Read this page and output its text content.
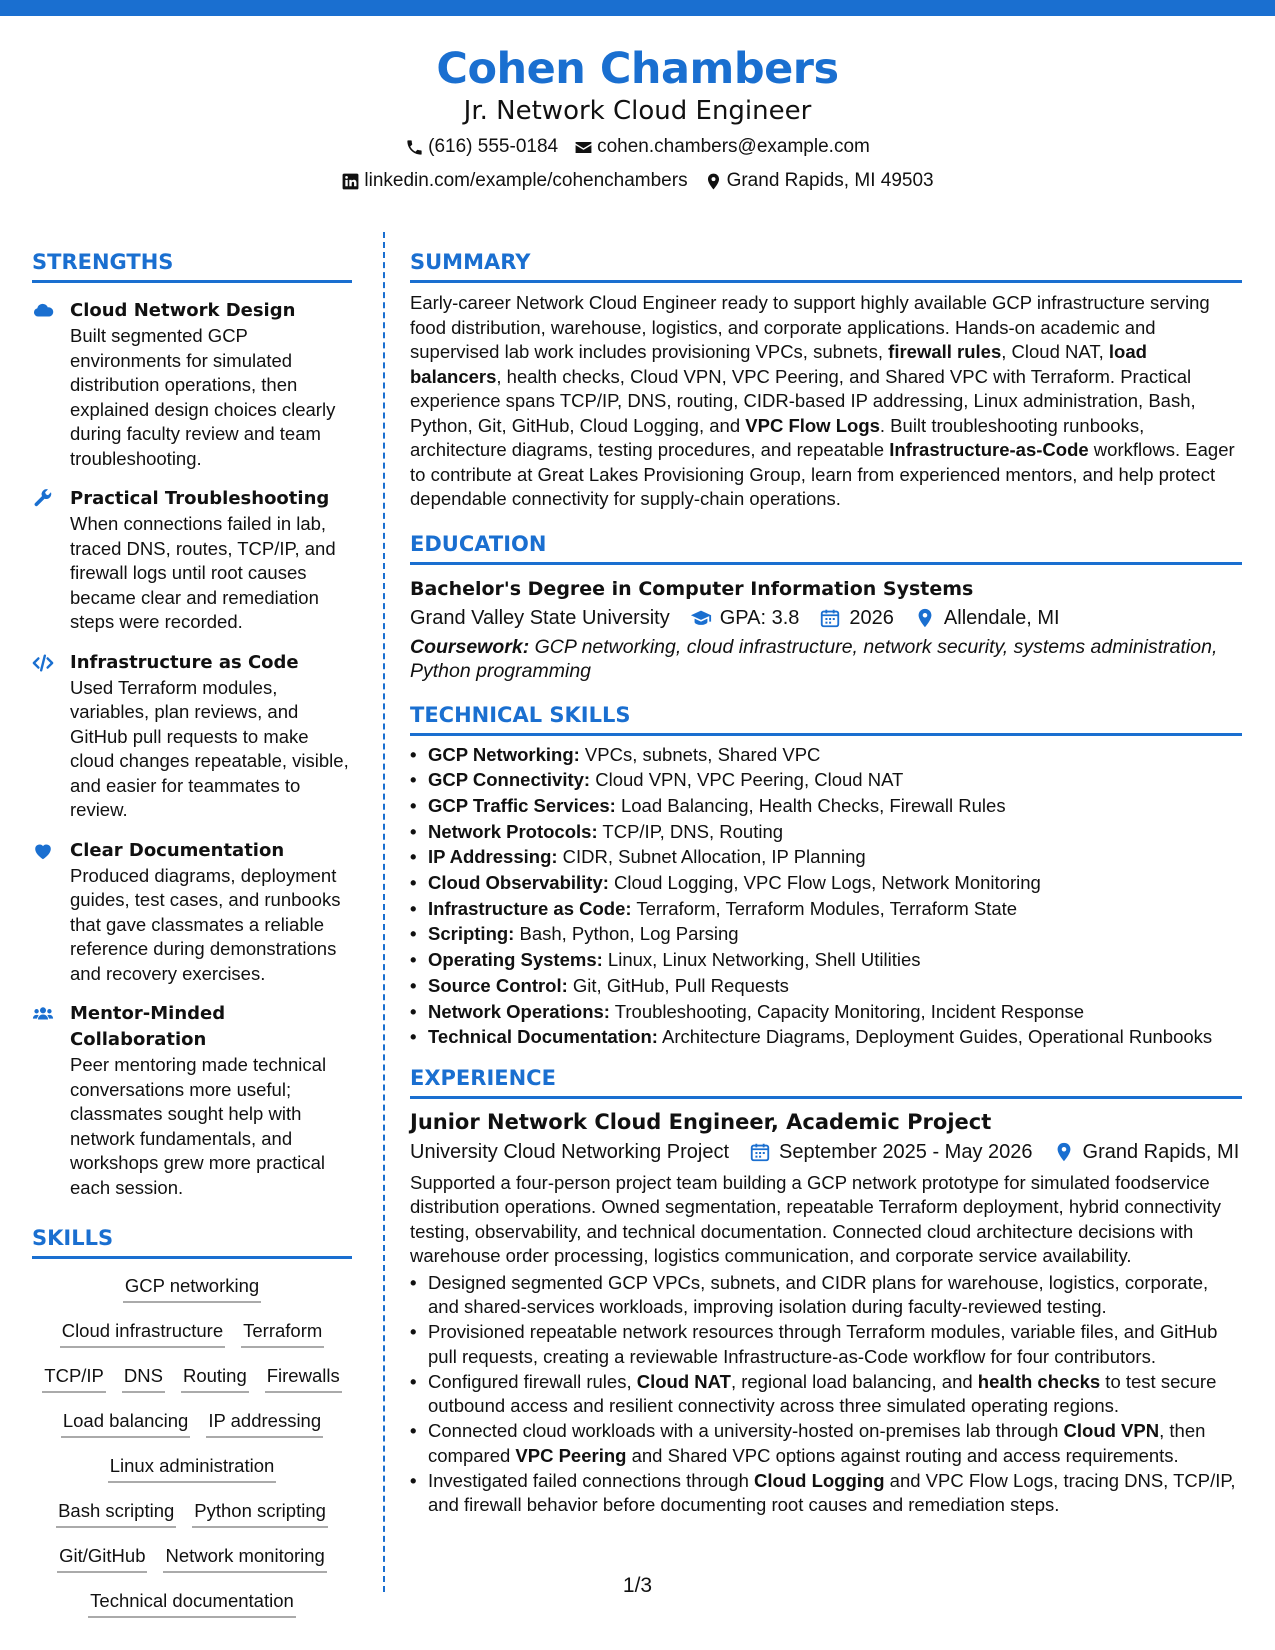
Cohen Chambers
Jr. Network Cloud Engineer
(616) 555-0184 cohen.chambers@example.com
linkedin.com/example/cohenchambers Grand Rapids, MI 49503
STRENGTHS
Cloud Network Design
Built segmented GCP environments for simulated distribution operations, then explained design choices clearly during faculty review and team troubleshooting.
Practical Troubleshooting
When connections failed in lab, traced DNS, routes, TCP/IP, and firewall logs until root causes became clear and remediation steps were recorded.
Infrastructure as Code
Used Terraform modules, variables, plan reviews, and GitHub pull requests to make cloud changes repeatable, visible, and easier for teammates to review.
Clear Documentation
Produced diagrams, deployment guides, test cases, and runbooks that gave classmates a reliable reference during demonstrations and recovery exercises.
Mentor-Minded Collaboration
Peer mentoring made technical conversations more useful; classmates sought help with network fundamentals, and workshops grew more practical each session.
SKILLS
GCP networking
Cloud infrastructure Terraform
TCP/IP DNS Routing Firewalls
Load balancing IP addressing
Linux administration
Bash scripting Python scripting
Git/GitHub Network monitoring
Technical documentation
SUMMARY
Early-career Network Cloud Engineer ready to support highly available GCP infrastructure serving food distribution, warehouse, logistics, and corporate applications. Hands-on academic and supervised lab work includes provisioning VPCs, subnets, firewall rules, Cloud NAT, load balancers, health checks, Cloud VPN, VPC Peering, and Shared VPC with Terraform. Practical experience spans TCP/IP, DNS, routing, CIDR-based IP addressing, Linux administration, Bash, Python, Git, GitHub, Cloud Logging, and VPC Flow Logs. Built troubleshooting runbooks, architecture diagrams, testing procedures, and repeatable Infrastructure-as-Code workflows. Eager to contribute at Great Lakes Provisioning Group, learn from experienced mentors, and help protect dependable connectivity for supply-chain operations.
EDUCATION
Bachelor's Degree in Computer Information Systems
Grand Valley State University	GPA: 3.8	2026	Allendale, MI
Coursework: GCP networking, cloud infrastructure, network security, systems administration, Python programming
TECHNICAL SKILLS
• GCP Networking: VPCs, subnets, Shared VPC
• GCP Connectivity: Cloud VPN, VPC Peering, Cloud NAT
• GCP Traffic Services: Load Balancing, Health Checks, Firewall Rules
• Network Protocols: TCP/IP, DNS, Routing
• IP Addressing: CIDR, Subnet Allocation, IP Planning
• Cloud Observability: Cloud Logging, VPC Flow Logs, Network Monitoring
• Infrastructure as Code: Terraform, Terraform Modules, Terraform State
• Scripting: Bash, Python, Log Parsing
• Operating Systems: Linux, Linux Networking, Shell Utilities
• Source Control: Git, GitHub, Pull Requests
• Network Operations: Troubleshooting, Capacity Monitoring, Incident Response
• Technical Documentation: Architecture Diagrams, Deployment Guides, Operational Runbooks
EXPERIENCE
Junior Network Cloud Engineer, Academic Project
University Cloud Networking Project	September 2025 - May 2026	Grand Rapids, MI
Supported a four-person project team building a GCP network prototype for simulated foodservice distribution operations. Owned segmentation, repeatable Terraform deployment, hybrid connectivity testing, observability, and technical documentation. Connected cloud architecture decisions with warehouse order processing, logistics communication, and corporate service availability.
• Designed segmented GCP VPCs, subnets, and CIDR plans for warehouse, logistics, corporate, and shared-services workloads, improving isolation during faculty-reviewed testing.
• Provisioned repeatable network resources through Terraform modules, variable files, and GitHub pull requests, creating a reviewable Infrastructure-as-Code workflow for four contributors.
• Configured firewall rules, Cloud NAT, regional load balancing, and health checks to test secure outbound access and resilient connectivity across three simulated operating regions.
• Connected cloud workloads with a university-hosted on-premises lab through Cloud VPN, then compared VPC Peering and Shared VPC options against routing and access requirements.
• Investigated failed connections through Cloud Logging and VPC Flow Logs, tracing DNS, TCP/IP, and firewall behavior before documenting root causes and remediation steps.
1/3
